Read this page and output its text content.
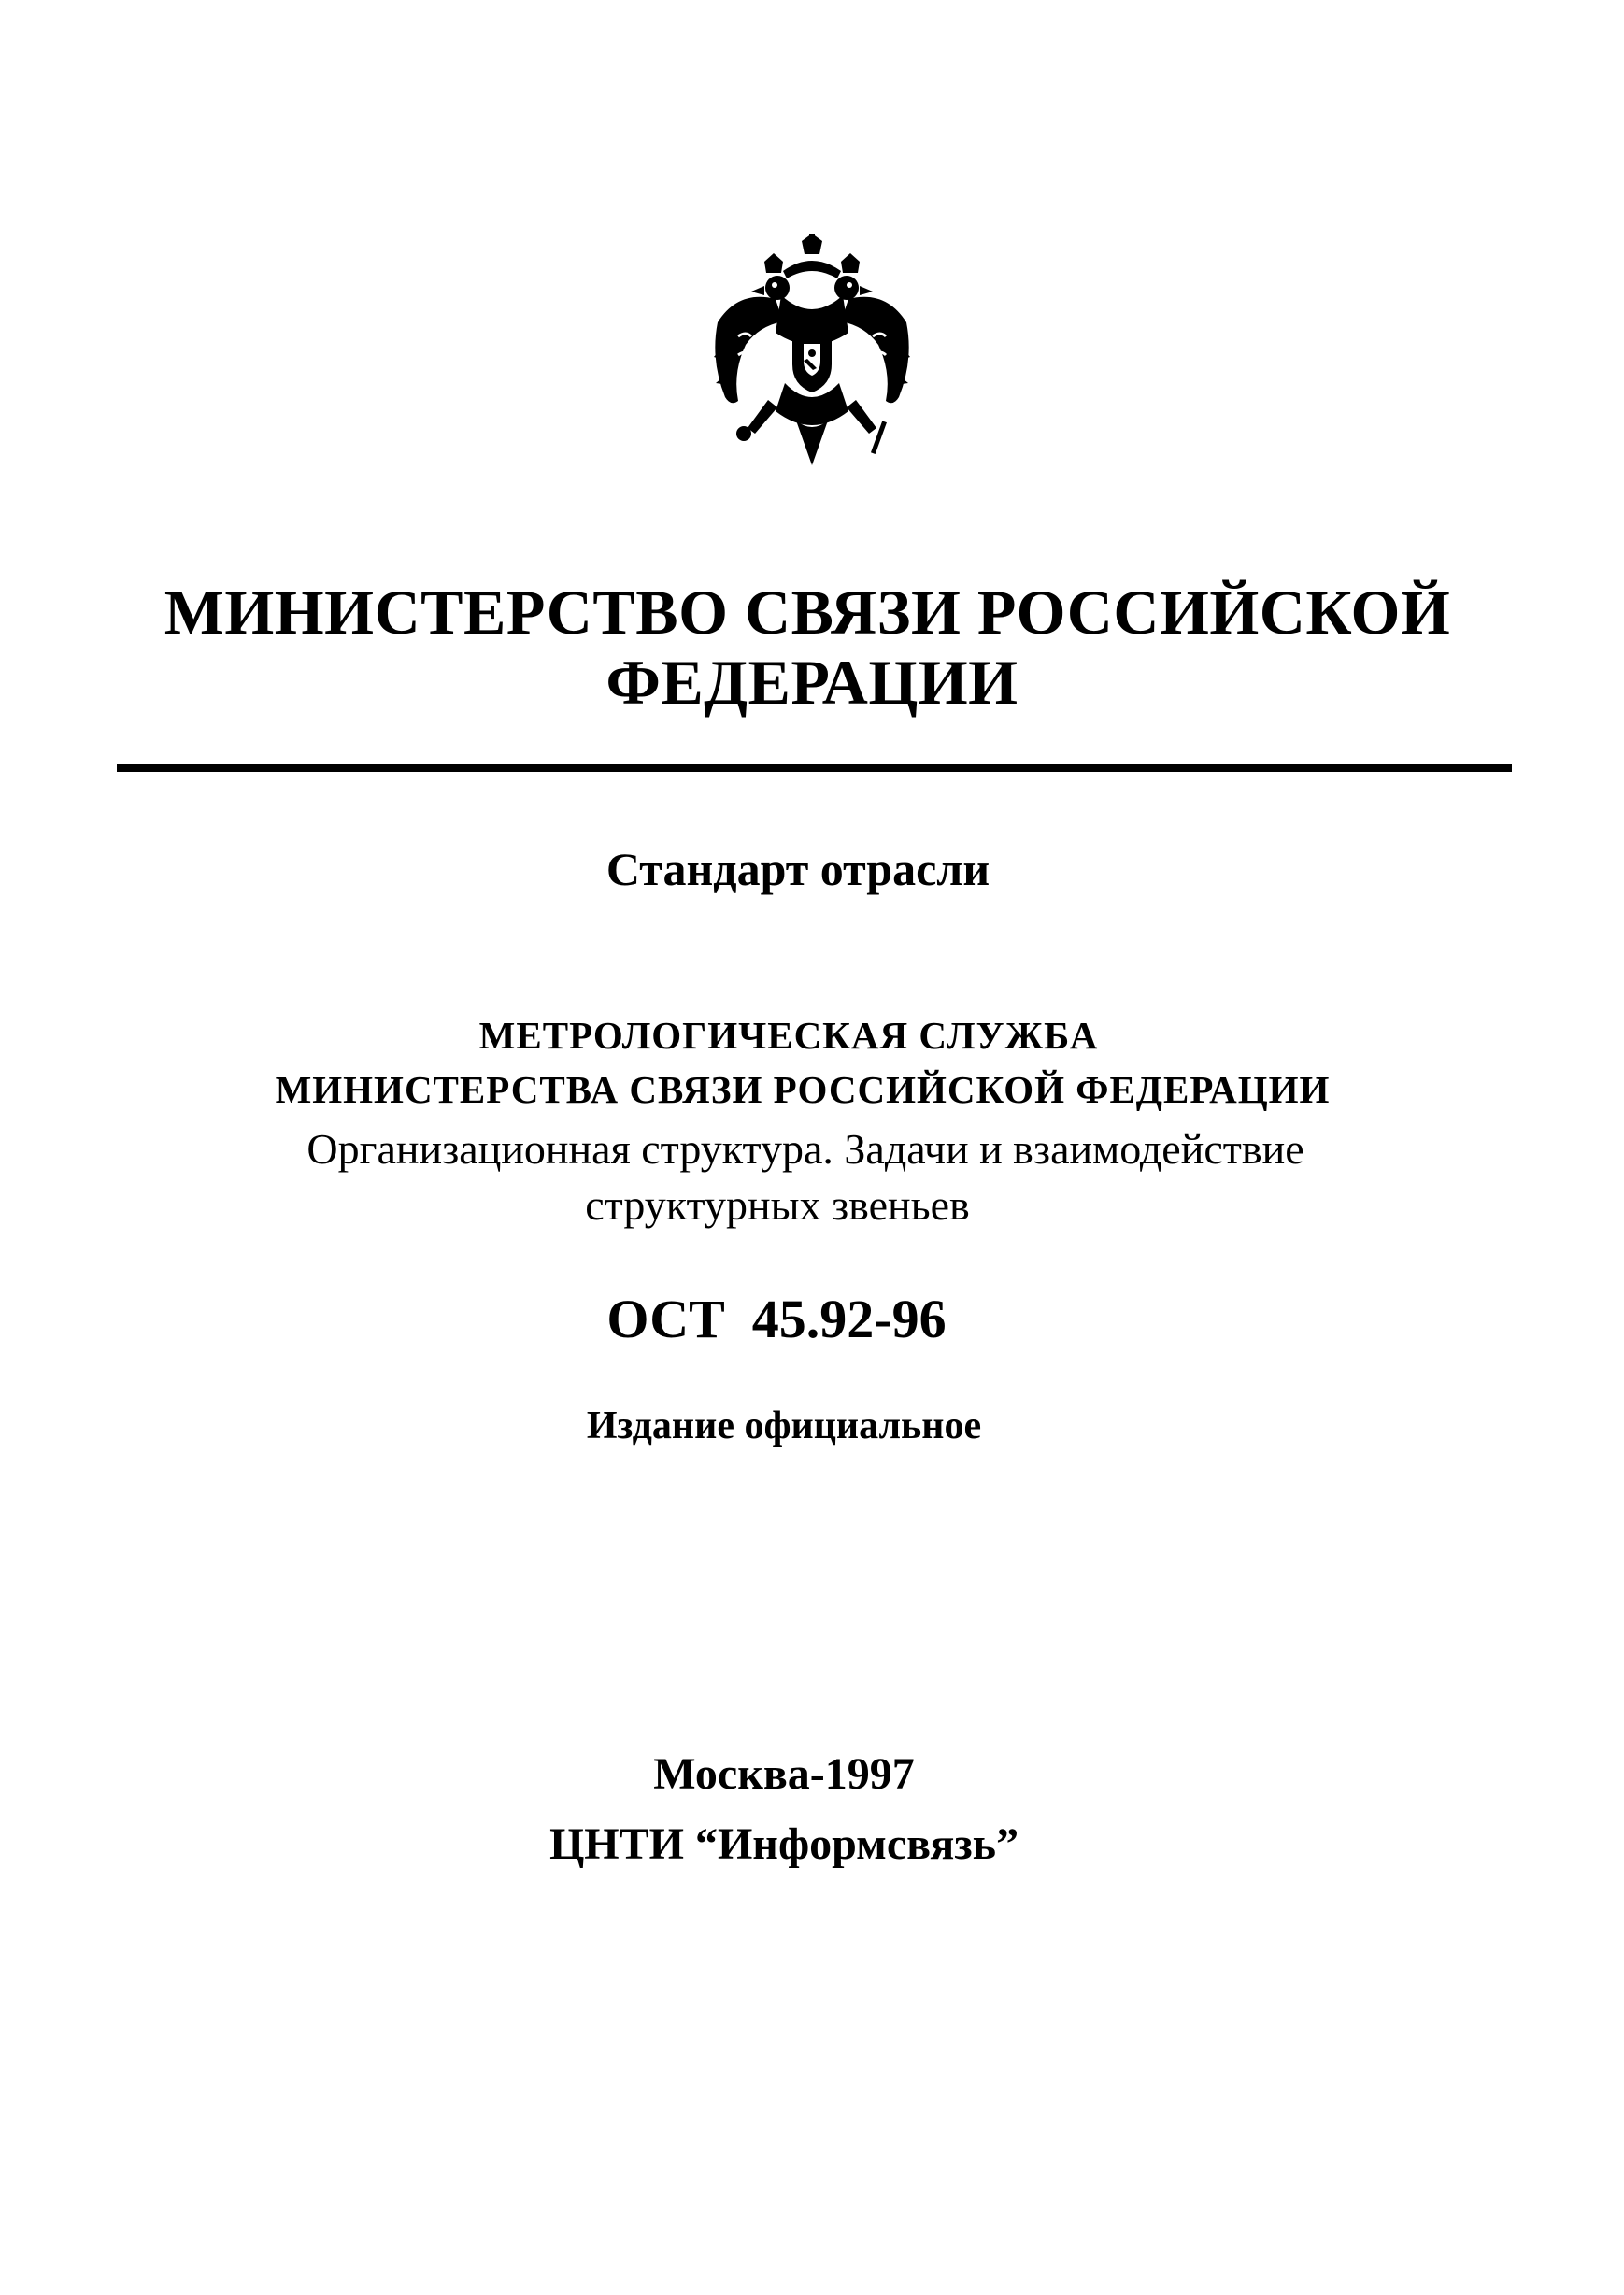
МИНИСТЕРСТВО СВЯЗИ РОССИЙСКОЙ
ФЕДЕРАЦИИ
Стандарт отрасли
МЕТРОЛОГИЧЕСКАЯ СЛУЖБА
МИНИСТЕРСТВА СВЯЗИ РОССИЙСКОЙ ФЕДЕРАЦИИ
Организационная структура. Задачи и взаимодействие
структурных звеньев
ОСТ  45.92-96
Издание официальное
Москва-1997
ЦНТИ “Информсвязь”
